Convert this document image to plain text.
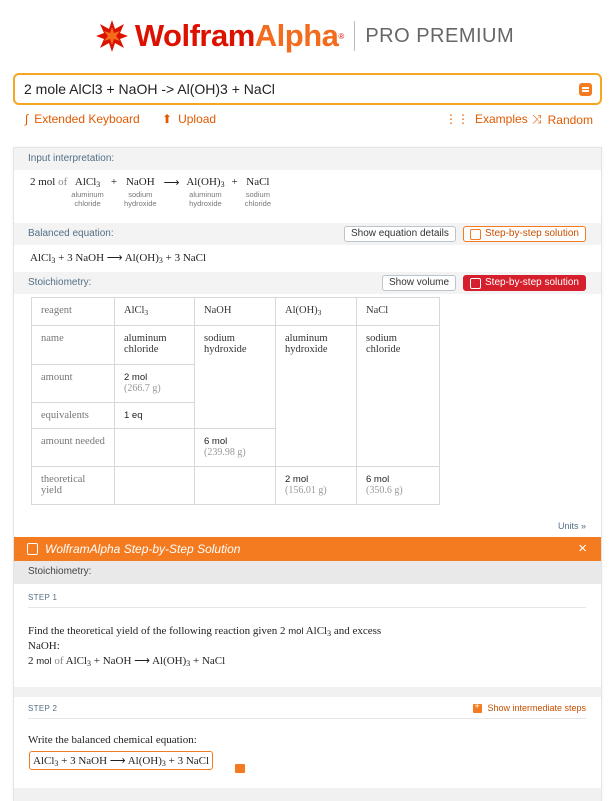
WolframAlpha ® PRO PREMIUM
2 mole AlCl3 + NaOH -> Al(OH)3 + NaCl
∫ Extended Keyboard ⬆ Upload	⋮⋮ Examples ⤨ Random
Input interpretation:
2 mol of AlCl$_3$
aluminum
chloride
+ NaOH
sodium
hydroxide
⟶ $Al(OH)_3$
aluminum
hydroxide
+ NaCl
sodium
chloride
Balanced equation:	Show equation details	Step-by-step solution
AlCl$_3$ + 3 NaOH ⟶ $Al(OH)_3 + 3$ NaCl
Stoichiometry:	Show volume	Step-by-step solution
reagent	AlCl$_3$	NaOH	$Al(OH)_3$	NaCl
name	aluminum chloride	sodium hydroxide	aluminum hydroxide	sodium chloride
amount	2 mol
(266.7 g)			
equivalents	1 eq			
amount needed		6 mol
(239.98 g)		
theoretical yield			2 mol
(156.01 g)	6 mol
(350.6 g)
Units »
WolframAlpha Step-by-Step Solution	×
Stoichiometry:
STEP 1
Find the theoretical yield of the following reaction given 2 mol AlCl$_3$ and excess
NaOH:
2 mol of AlCl$_3$ + NaOH ⟶ $Al(OH)_3$ + NaCl
STEP 2 +	Show intermediate steps
Write the balanced chemical equation:
AlCl$_3$ + 3 NaOH ⟶ $Al(OH)_3 + 3$ NaCl
